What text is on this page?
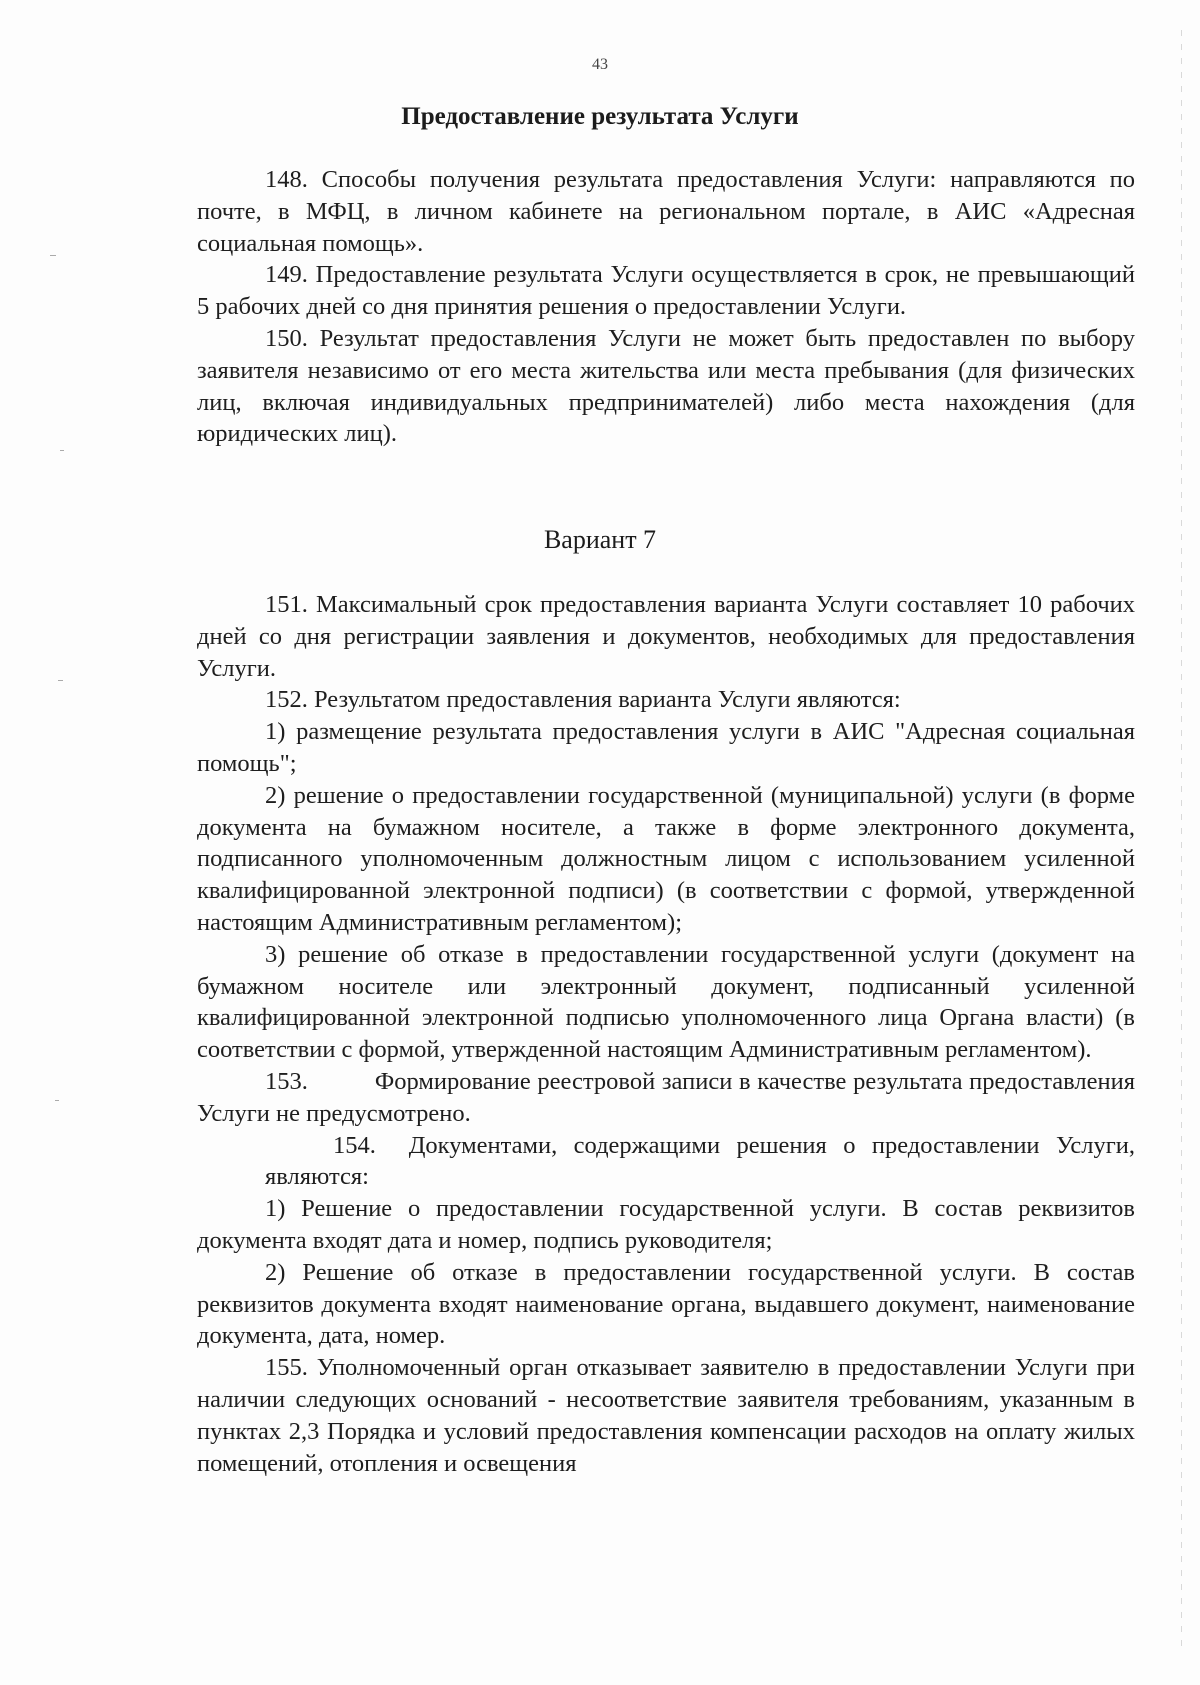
43
Предоставление результата Услуги

148. Способы получения результата предоставления Услуги: направляются по почте, в МФЦ, в личном кабинете на региональном портале, в АИС «Адресная социальная помощь».

149. Предоставление результата Услуги осуществляется в срок, не превышающий 5 рабочих дней со дня принятия решения о предоставлении Услуги.

150. Результат предоставления Услуги не может быть предоставлен по выбору заявителя независимо от его места жительства или места пребывания (для физических лиц, включая индивидуальных предпринимателей) либо места нахождения (для юридических лиц).

Вариант 7

151. Максимальный срок предоставления варианта Услуги составляет 10 рабочих дней со дня регистрации заявления и документов, необходимых для предоставления Услуги.

152. Результатом предоставления варианта Услуги являются:

1) размещение результата предоставления услуги в АИС "Адресная социальная помощь";

2) решение о предоставлении государственной (муниципальной) услуги (в форме документа на бумажном носителе, а также в форме электронного документа, подписанного уполномоченным должностным лицом с использованием усиленной квалифицированной электронной подписи) (в соответствии с формой, утвержденной настоящим Административным регламентом);

3) решение об отказе в предоставлении государственной услуги (документ на бумажном носителе или электронный документ, подписанный усиленной квалифицированной электронной подписью уполномоченного лица Органа власти) (в соответствии с формой, утвержденной настоящим Административным регламентом).

153.          Формирование реестровой записи в качестве результата предоставления Услуги не предусмотрено.

154.  Документами, содержащими решения о предоставлении Услуги, являются:

1) Решение о предоставлении государственной услуги. В состав реквизитов документа входят дата и номер, подпись руководителя;

2) Решение об отказе в предоставлении государственной услуги. В состав реквизитов документа входят наименование органа, выдавшего документ, наименование документа, дата, номер.

155. Уполномоченный орган отказывает заявителю в предоставлении Услуги при наличии следующих оснований - несоответствие заявителя требованиям, указанным в пунктах 2,3 Порядка и условий предоставления компенсации расходов на оплату жилых помещений, отопления и освещения
